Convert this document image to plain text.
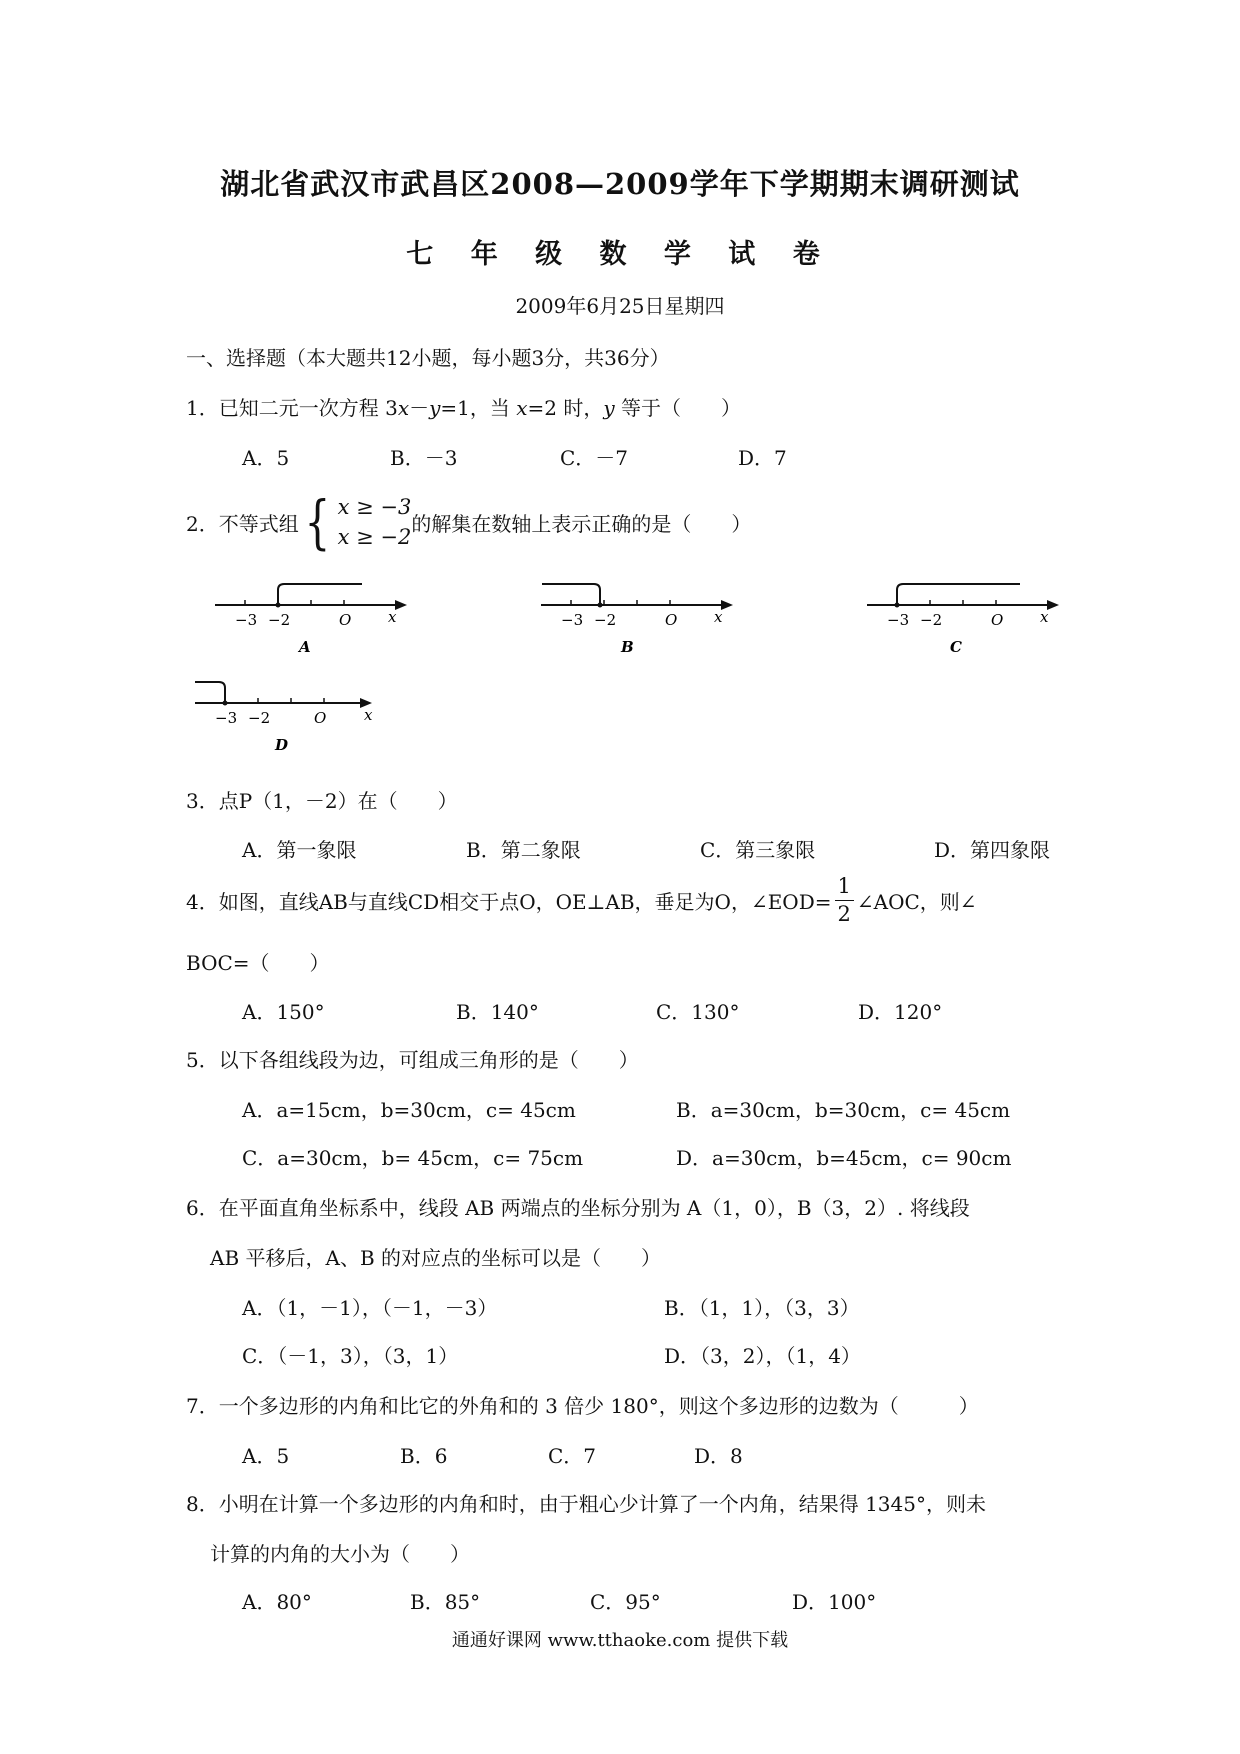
湖北省武汉市武昌区2008—2009学年下学期期末调研测试
七 年 级 数 学 试 卷
2009年6月25日星期四
一、选择题（本大题共12小题，每小题3分，共36分）
1．已知二元一次方程 3x－y=1，当 x=2 时，y 等于（　　）
A．5	B．－3	C．－7	D．7
2．不等式组 { x ≥ −3
x ≥ −2
的解集在数轴上表示正确的是（　　）
−3 −2	O x
A
−3 −2	O x
B
−3 −2	O x
C
−3 −2	O	x
D
3．点P（1，－2）在（　　）
A．第一象限	B．第二象限	C．第三象限	D．第四象限
4．如图，直线AB与直线CD相交于点O，OE⊥AB，垂足为O，∠EOD= $\frac{1}{2}$ ∠AOC，则∠
BOC=（　　）
A．150°	B．140°	C．130°	D．120°
5．以下各组线段为边，可组成三角形的是（　　）
A．a=15cm，b=30cm，c= 45cm	B．a=30cm，b=30cm，c= 45cm
C．a=30cm，b= 45cm，c= 75cm	D．a=30cm，b=45cm，c= 90cm
6．在平面直角坐标系中，线段 AB 两端点的坐标分别为 A（1，0），B（3，2）. 将线段
AB 平移后，A、B 的对应点的坐标可以是（　　）
A．（1，－1），（－1，－3）	B．（1，1），（3，3）
C．（－1，3），（3，1）	D．（3，2），（1，4）
7．一个多边形的内角和比它的外角和的 3 倍少 180°，则这个多边形的边数为（　　　）
A．5	B．6	C．7	D．8
8．小明在计算一个多边形的内角和时，由于粗心少计算了一个内角，结果得 1345°，则未
计算的内角的大小为（　　）
A．80°	B．85°	C．95°	D．100°
通通好课网 www.tthaoke.com 提供下载
